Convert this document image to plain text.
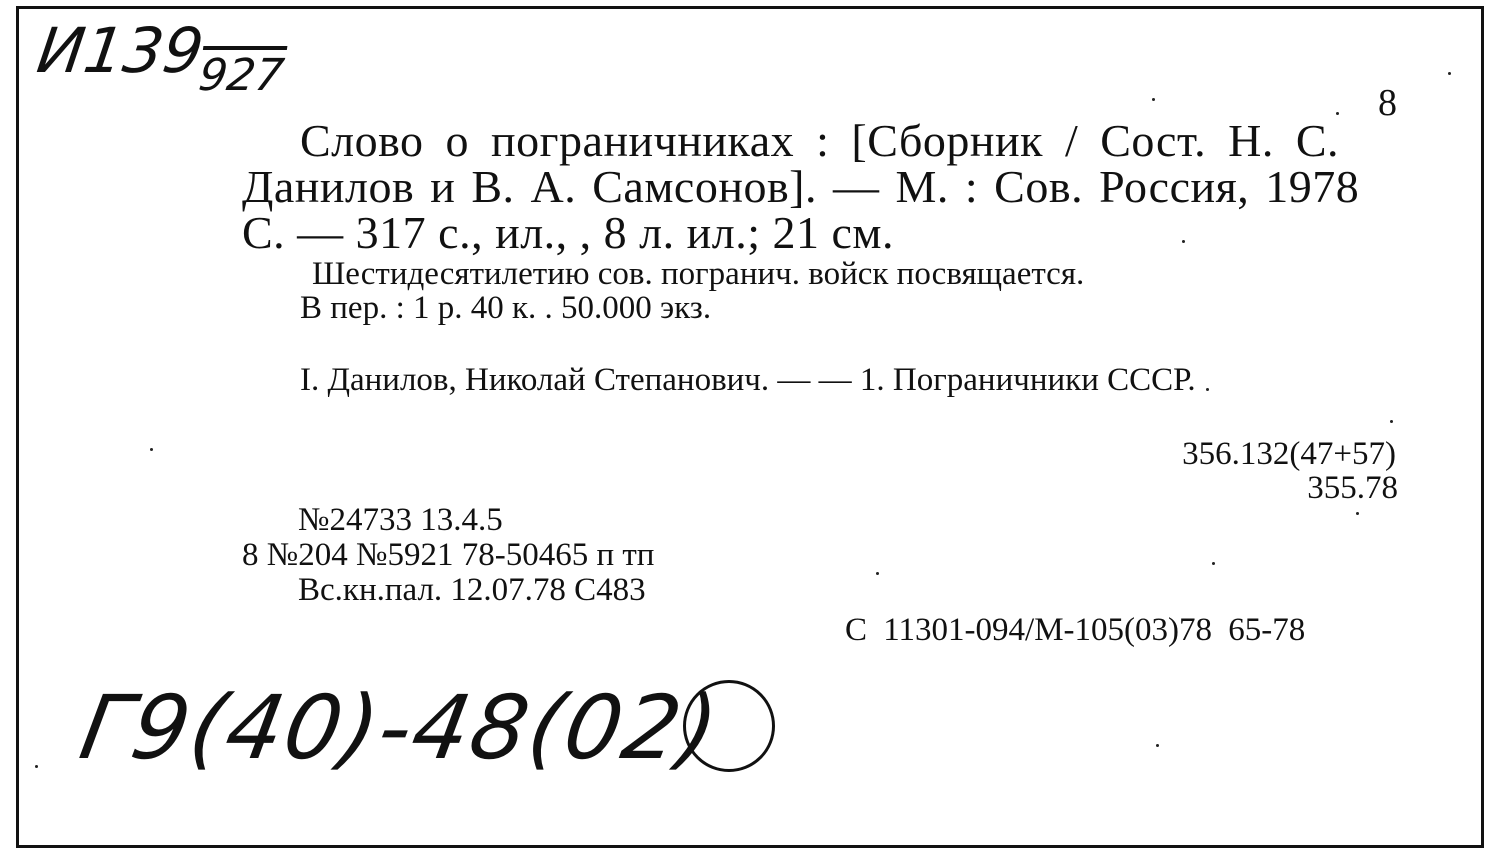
$И139_{927}$
8
Слово о пограничниках : [Сборник / Сост. Н. С.
Данилов и В. А. Самсонов]. — М. : Сов. Россия, 1978
С. — 317 с., ил., , 8 л. ил.; 21 см.
Шестидесятилетию сов. погранич. войск посвящается.
В пер. : 1 р. 40 к. . 50.000 экз.
I. Данилов, Николай Степанович. — — 1. Пограничники СССР.
356.132(47+57)
355.78
№24733 13.4.5
8 №204 №5921 78-50465 п тп
Вс.кн.пал. 12.07.78 С483
С 11301-094/М-105(03)78 65-78
Г9(40)-48(02)
